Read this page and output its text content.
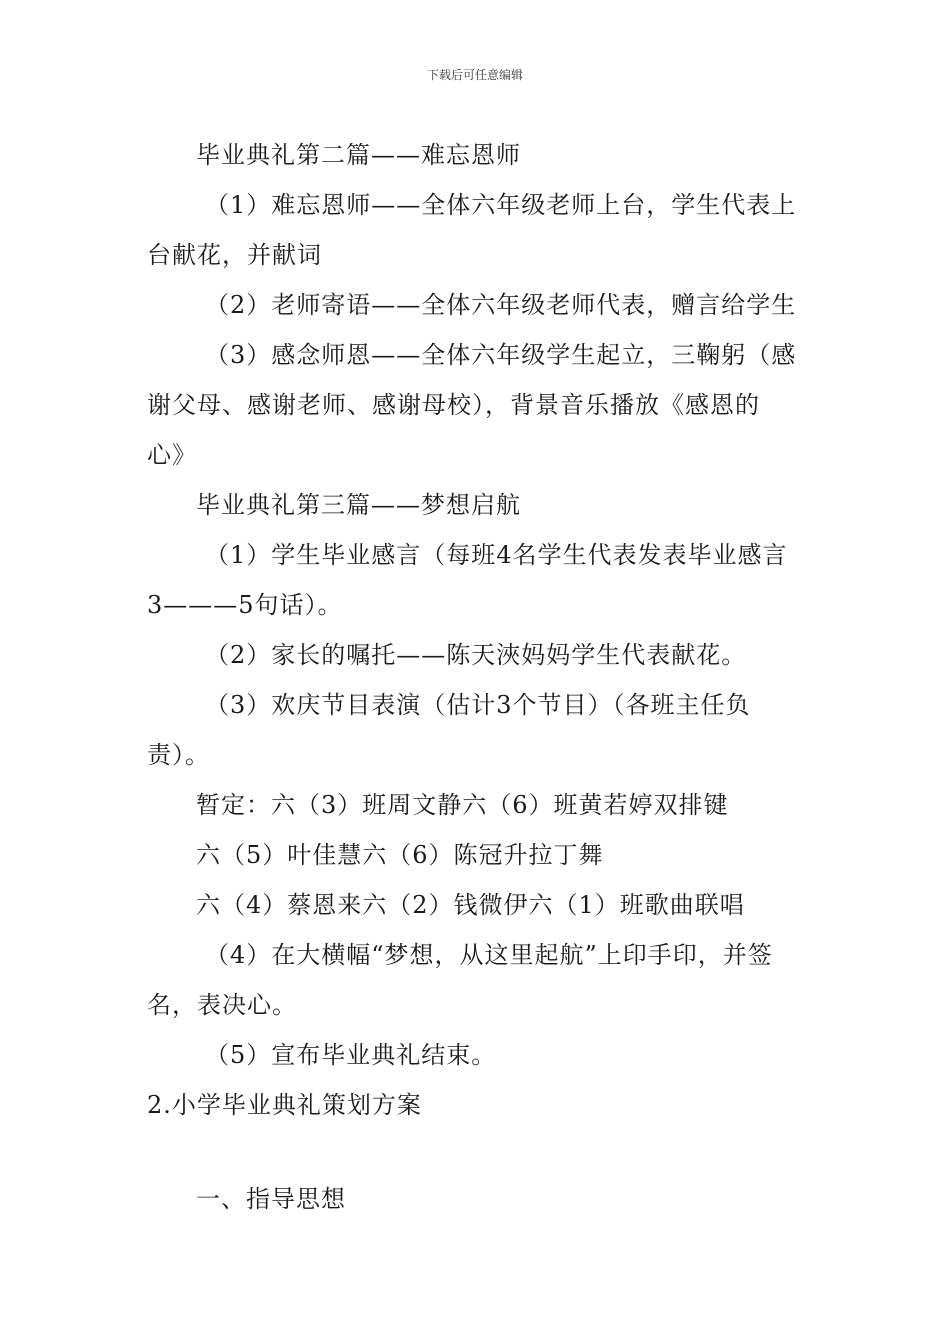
下载后可任意编辑

毕业典礼第二篇——难忘恩师

（1）难忘恩师——全体六年级老师上台，学生代表上

台献花，并献词

（2）老师寄语——全体六年级老师代表，赠言给学生

（3）感念师恩——全体六年级学生起立，三鞠躬（感

谢父母、感谢老师、感谢母校），背景音乐播放《感恩的

心》

毕业典礼第三篇——梦想启航

（1）学生毕业感言（每班4名学生代表发表毕业感言

3———5句话）。

（2）家长的嘱托——陈天浹妈妈学生代表献花。

（3）欢庆节目表演（估计3个节目）（各班主任负

责）。

暂定：六（3）班周文静六（6）班黄若婷双排键

六（5）叶佳慧六（6）陈冠升拉丁舞

六（4）蔡恩来六（2）钱微伊六（1）班歌曲联唱

（4）在大横幅“梦想，从这里起航”上印手印，并签

名，表决心。

（5）宣布毕业典礼结束。

2.小学毕业典礼策划方案

一、指导思想
